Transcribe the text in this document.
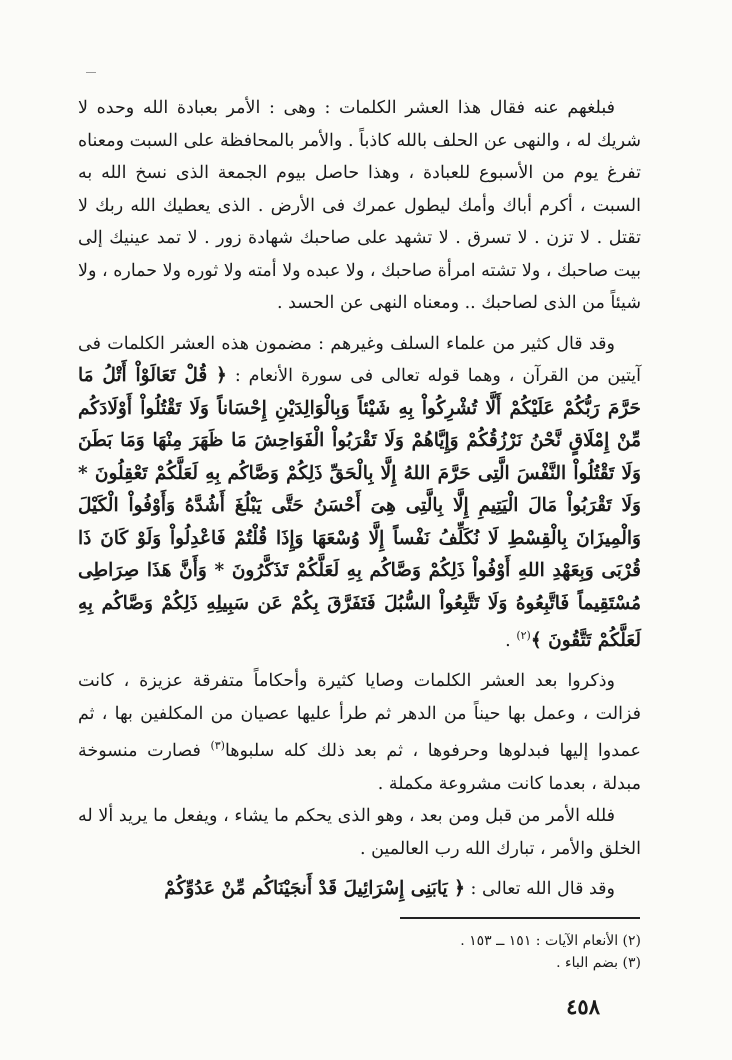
فبلغهم عنه فقال هذا العشر الكلمات : وهى : الأمر بعبادة الله وحده لا شريك له ، والنهى عن الحلف بالله كاذباً . والأمر بالمحافظة على السبت ومعناه تفرغ يوم من الأسبوع للعبادة ، وهذا حاصل بيوم الجمعة الذى نسخ الله به السبت ، أكرم أباك وأمك ليطول عمرك فى الأرض . الذى يعطيك الله ربك لا تقتل . لا تزن . لا تسرق . لا تشهد على صاحبك شهادة زور . لا تمد عينيك إلى بيت صاحبك ، ولا تشته امرأة صاحبك ، ولا عبده ولا أمته ولا ثوره ولا حماره ، ولا شيئاً من الذى لصاحبك .. ومعناه النهى عن الحسد .

وقد قال كثير من علماء السلف وغيرهم : مضمون هذه العشر الكلمات فى آيتين من القرآن ، وهما قوله تعالى فى سورة الأنعام : ﴿ قُلْ تَعَالَوْاْ أَتْلُ مَا حَرَّمَ رَبُّكُمْ عَلَيْكُمْ أَلَّا تُشْرِكُواْ بِهِ شَيْئاً وَبِالْوَالِدَيْنِ إِحْسَاناً وَلَا تَقْتُلُواْ أَوْلَادَكُم مِّنْ إِمْلَاقٍ نَّحْنُ نَرْزُقُكُمْ وَإِيَّاهُمْ وَلَا تَقْرَبُواْ الْفَوَاحِشَ مَا ظَهَرَ مِنْهَا وَمَا بَطَنَ وَلَا تَقْتُلُواْ النَّفْسَ الَّتِى حَرَّمَ اللهُ إِلَّا بِالْحَقِّ ذَلِكُمْ وَصَّاكُم بِهِ لَعَلَّكُمْ تَعْقِلُونَ * وَلَا تَقْرَبُواْ مَالَ الْيَتِيمِ إِلَّا بِالَّتِى هِىَ أَحْسَنُ حَتَّى يَبْلُغَ أَشُدَّهُ وَأَوْفُواْ الْكَيْلَ وَالْمِيزَانَ بِالْقِسْطِ لَا نُكَلِّفُ نَفْساً إِلَّا وُسْعَهَا وَإِذَا قُلْتُمْ فَاعْدِلُواْ وَلَوْ كَانَ ذَا قُرْبَى وَبِعَهْدِ اللهِ أَوْفُواْ ذَلِكُمْ وَصَّاكُم بِهِ لَعَلَّكُمْ تَذَكَّرُونَ * وَأَنَّ هَذَا صِرَاطِى مُسْتَقِيماً فَاتَّبِعُوهُ وَلَا تَتَّبِعُواْ السُّبُلَ فَتَفَرَّقَ بِكُمْ عَن سَبِيلِهِ ذَلِكُمْ وَصَّاكُم بِهِ لَعَلَّكُمْ تَتَّقُونَ ﴾$^{(٢)}$ .

وذكروا بعد العشر الكلمات وصايا كثيرة وأحكاماً متفرقة عزيزة ، كانت فزالت ، وعمل بها حيناً من الدهر ثم طرأ عليها عصيان من المكلفين بها ، ثم عمدوا إليها فبدلوها وحرفوها ، ثم بعد ذلك كله سلبوها$^{(٣)}$ فصارت منسوخة مبدلة ، بعدما كانت مشروعة مكملة .

فلله الأمر من قبل ومن بعد ، وهو الذى يحكم ما يشاء ، ويفعل ما يريد ألا له الخلق والأمر ، تبارك الله رب العالمين .

وقد قال الله تعالى : ﴿ يَابَنِى إِسْرَائِيلَ قَدْ أَنجَيْنَاكُم مِّنْ عَدُوِّكُمْ

(٢) الأنعام الآيات : ١٥١ ــ ١٥٣ .
(٣) بضم الباء .
٤٥٨
